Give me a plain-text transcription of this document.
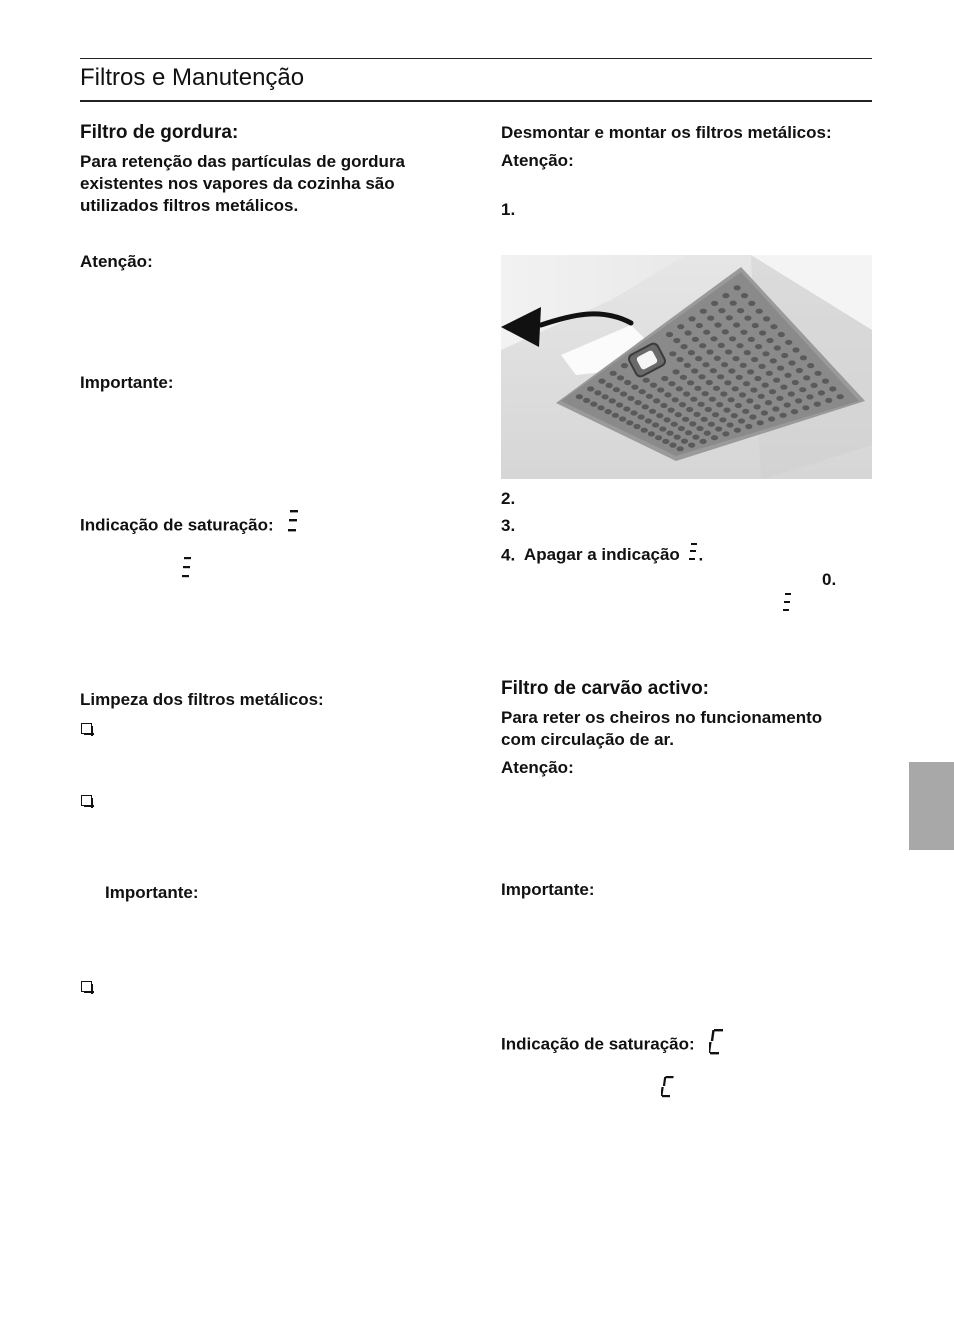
Filtros e Manutenção
Filtro de gordura:
Para retenção das partículas de gordura
existentes nos vapores da cozinha são
utilizados filtros metálicos.
Atenção:
Importante:
Indicação de saturação:
Limpeza dos filtros metálicos:
Importante:
Desmontar e montar os filtros metálicos:
Atenção:
1.
2.
3.
4. Apagar a indicação .
0.
Filtro de carvão activo:
Para reter os cheiros no funcionamento
com circulação de ar.
Atenção:
Importante:
Indicação de saturação:
